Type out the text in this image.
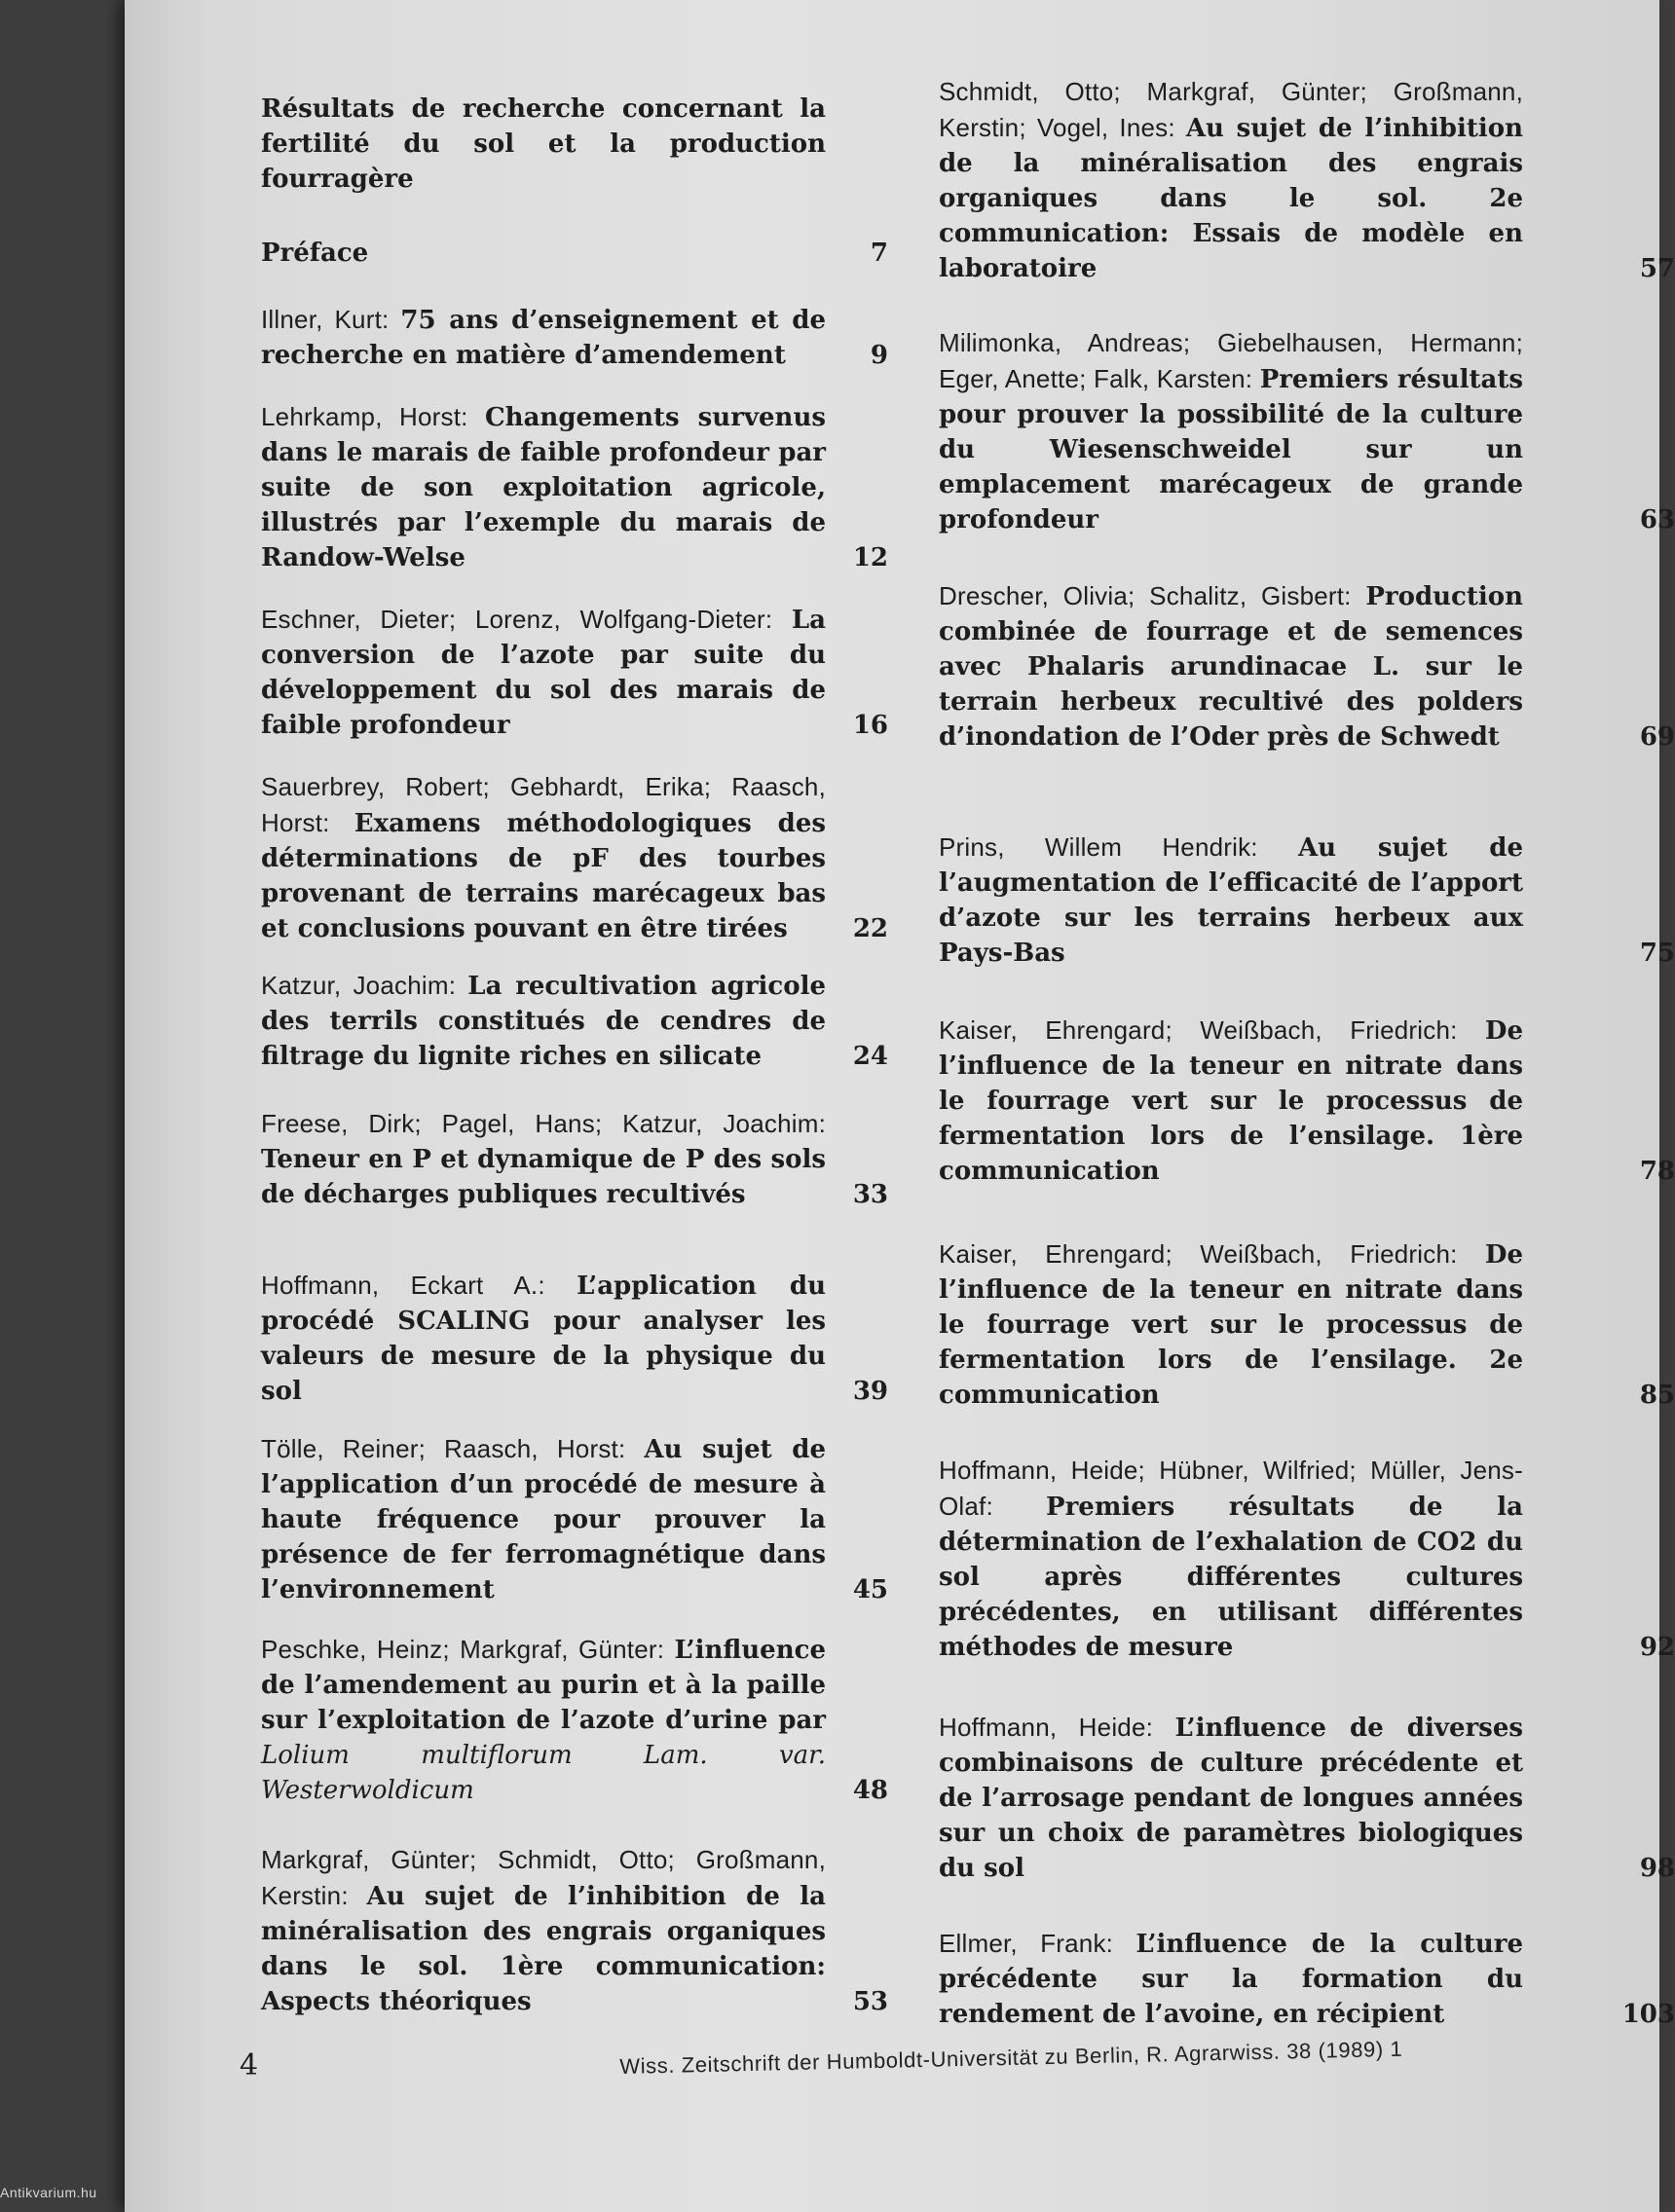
Résultats de recherche concernant la fertilité du sol et la production fourragère
Préface	7
Illner, Kurt: 75 ans d’enseignement et de recherche en matière d’amendement	9
Lehrkamp, Horst: Changements survenus dans le marais de faible profondeur par suite de son exploitation agricole, illustrés par l’exemple du marais de Randow-Welse	12
Eschner, Dieter; Lorenz, Wolfgang-Dieter: La conversion de l’azote par suite du développement du sol des marais de faible profondeur	16
Sauerbrey, Robert; Gebhardt, Erika; Raasch, Horst: Examens méthodologiques des déterminations de pF des tourbes provenant de terrains marécageux bas et conclusions pouvant en être tirées	22
Katzur, Joachim: La recultivation agricole des terrils constitués de cendres de filtrage du lignite riches en silicate	24
Freese, Dirk; Pagel, Hans; Katzur, Joachim: Teneur en P et dynamique de P des sols de décharges publiques recultivés	33
Hoffmann, Eckart A.: L’application du procédé SCALING pour analyser les valeurs de mesure de la physique du sol	39
Tölle, Reiner; Raasch, Horst: Au sujet de l’application d’un procédé de mesure à haute fréquence pour prouver la présence de fer ferromagnétique dans l’environnement	45
Peschke, Heinz; Markgraf, Günter: L’influence de l’amendement au purin et à la paille sur l’exploitation de l’azote d’urine par Lolium multiflorum Lam. var. Westerwoldicum	48
Markgraf, Günter; Schmidt, Otto; Großmann, Kerstin: Au sujet de l’inhibition de la minéralisation des engrais organiques dans le sol. 1ère communication: Aspects théoriques	53
Schmidt, Otto; Markgraf, Günter; Großmann, Kerstin; Vogel, Ines: Au sujet de l’inhibition de la minéralisation des engrais organiques dans le sol. 2e communication: Essais de modèle en laboratoire	57
Milimonka, Andreas; Giebelhausen, Hermann; Eger, Anette; Falk, Karsten: Premiers résultats pour prouver la possibilité de la culture du Wiesenschweidel sur un emplacement marécageux de grande profondeur	63
Drescher, Olivia; Schalitz, Gisbert: Production combinée de fourrage et de semences avec Phalaris arundinacae L. sur le terrain herbeux recultivé des polders d’inondation de l’Oder près de Schwedt	69
Prins, Willem Hendrik: Au sujet de l’augmentation de l’efficacité de l’apport d’azote sur les terrains herbeux aux Pays-Bas	75
Kaiser, Ehrengard; Weißbach, Friedrich: De l’influence de la teneur en nitrate dans le fourrage vert sur le processus de fermentation lors de l’ensilage. 1ère communication	78
Kaiser, Ehrengard; Weißbach, Friedrich: De l’influence de la teneur en nitrate dans le fourrage vert sur le processus de fermentation lors de l’ensilage. 2e communication	85
Hoffmann, Heide; Hübner, Wilfried; Müller, Jens-Olaf: Premiers résultats de la détermination de l’exhalation de CO2 du sol après différentes cultures précédentes, en utilisant différentes méthodes de mesure	92
Hoffmann, Heide: L’influence de diverses combinaisons de culture précédente et de l’arrosage pendant de longues années sur un choix de paramètres biologiques du sol	98
Ellmer, Frank: L’influence de la culture précédente sur la formation du rendement de l’avoine, en récipient	103
4	Wiss. Zeitschrift der Humboldt-Universität zu Berlin, R. Agrarwiss. 38 (1989) 1
Antikvarium.hu
